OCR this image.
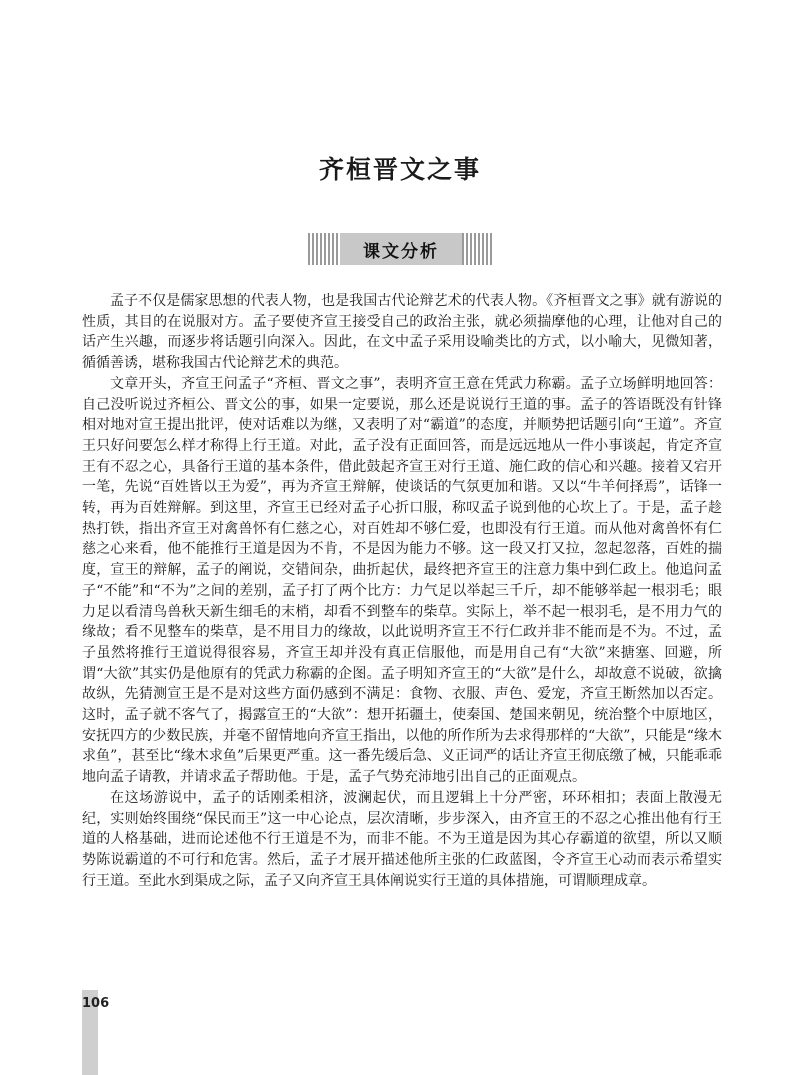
齐桓晋文之事
课文分析

孟子不仅是儒家思想的代表人物，也是我国古代论辩艺术的代表人物。《齐桓晋文之事》就有游说的性质，其目的在说服对方。孟子要使齐宣王接受自己的政治主张，就必须揣摩他的心理，让他对自己的话产生兴趣，而逐步将话题引向深入。因此，在文中孟子采用设喻类比的方式，以小喻大，见微知著，循循善诱，堪称我国古代论辩艺术的典范。

文章开头，齐宣王问孟子“齐桓、晋文之事”，表明齐宣王意在凭武力称霸。孟子立场鲜明地回答：自己没听说过齐桓公、晋文公的事，如果一定要说，那么还是说说行王道的事。孟子的答语既没有针锋相对地对宣王提出批评，使对话难以为继，又表明了对“霸道”的态度，并顺势把话题引向“王道”。齐宣王只好问要怎么样才称得上行王道。对此，孟子没有正面回答，而是远远地从一件小事谈起，肯定齐宣王有不忍之心，具备行王道的基本条件，借此鼓起齐宣王对行王道、施仁政的信心和兴趣。接着又宕开一笔，先说“百姓皆以王为爱”，再为齐宣王辩解，使谈话的气氛更加和谐。又以“牛羊何择焉”，话锋一转，再为百姓辩解。到这里，齐宣王已经对孟子心折口服，称叹孟子说到他的心坎上了。于是，孟子趁热打铁，指出齐宣王对禽兽怀有仁慈之心，对百姓却不够仁爱，也即没有行王道。而从他对禽兽怀有仁慈之心来看，他不能推行王道是因为不肯，不是因为能力不够。这一段又打又拉，忽起忽落，百姓的揣度，宣王的辩解，孟子的阐说，交错间杂，曲折起伏，最终把齐宣王的注意力集中到仁政上。他追问孟子“不能”和“不为”之间的差别，孟子打了两个比方：力气足以举起三千斤，却不能够举起一根羽毛；眼力足以看清鸟兽秋天新生细毛的末梢，却看不到整车的柴草。实际上，举不起一根羽毛，是不用力气的缘故；看不见整车的柴草，是不用目力的缘故，以此说明齐宣王不行仁政并非不能而是不为。不过，孟子虽然将推行王道说得很容易，齐宣王却并没有真正信服他，而是用自己有“大欲”来搪塞、回避，所谓“大欲”其实仍是他原有的凭武力称霸的企图。孟子明知齐宣王的“大欲”是什么，却故意不说破，欲擒故纵，先猜测宣王是不是对这些方面仍感到不满足：食物、衣服、声色、爱宠，齐宣王断然加以否定。这时，孟子就不客气了，揭露宣王的“大欲”：想开拓疆土，使秦国、楚国来朝见，统治整个中原地区，安抚四方的少数民族，并毫不留情地向齐宣王指出，以他的所作所为去求得那样的“大欲”，只能是“缘木求鱼”，甚至比“缘木求鱼”后果更严重。这一番先缓后急、义正词严的话让齐宣王彻底缴了械，只能乖乖地向孟子请教，并请求孟子帮助他。于是，孟子气势充沛地引出自己的正面观点。

在这场游说中，孟子的话刚柔相济，波澜起伏，而且逻辑上十分严密，环环相扣；表面上散漫无纪，实则始终围绕“保民而王”这一中心论点，层次清晰，步步深入，由齐宣王的不忍之心推出他有行王道的人格基础，进而论述他不行王道是不为，而非不能。不为王道是因为其心存霸道的欲望，所以又顺势陈说霸道的不可行和危害。然后，孟子才展开描述他所主张的仁政蓝图，令齐宣王心动而表示希望实行王道。至此水到渠成之际，孟子又向齐宣王具体阐说实行王道的具体措施，可谓顺理成章。

106
